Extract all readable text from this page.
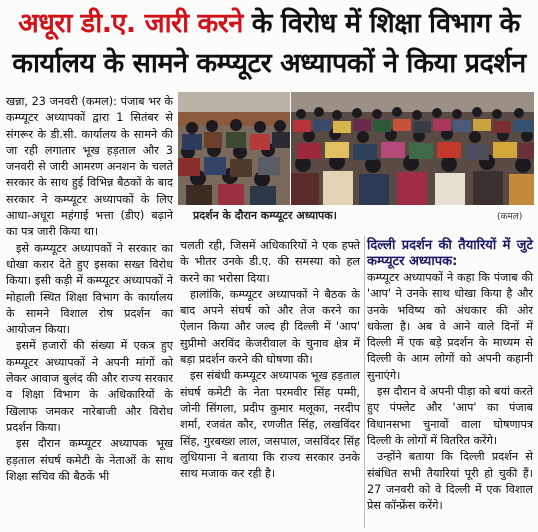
अधूरा डी.ए. जारी करने के विरोध में शिक्षा विभाग के
कार्यालय के सामने कम्प्यूटर अध्यापकों ने किया प्रदर्शन

खन्ना, 23 जनवरी (कमल): पंजाब भर के कम्प्यूटर अध्यापकों द्वारा 1 सितंबर से संगरूर के डी.सी. कार्यालय के सामने की जा रही लगातार भूख हड़ताल और 3 जनवरी से जारी आमरण अनशन के चलते सरकार के साथ हुई विभिन्न बैठकों के बाद सरकार ने कम्प्यूटर अध्यापकों के लिए आधा-अधूरा महंगाई भत्ता (डीए) बढ़ाने का पत्र जारी किया था।

इसे कम्प्यूटर अध्यापकों ने सरकार का धोखा करार देते हुए इसका सख्त विरोध किया। इसी कड़ी में कम्प्यूटर अध्यापकों ने मोहाली स्थित शिक्षा विभाग के कार्यालय के सामने विशाल रोष प्रदर्शन का आयोजन किया।

इसमें हजारों की संख्या में एकत्र हुए कम्प्यूटर अध्यापकों ने अपनी मांगों को लेकर आवाज बुलंद की और राज्य सरकार व शिक्षा विभाग के अधिकारियों के खिलाफ जमकर नारेबाजी और विरोध प्रदर्शन किया।

इस दौरान कम्प्यूटर अध्यापक भूख हड़ताल संघर्ष कमेटी के नेताओं के साथ शिक्षा सचिव की बैठकें भी

प्रदर्शन के दौरान कम्प्यूटर अध्यापक।	(कमल)

चलती रही, जिसमें अधिकारियों ने एक हफ्ते के भीतर उनके डी.ए. की समस्या को हल करने का भरोसा दिया।

हालांकि, कम्प्यूटर अध्यापकों ने बैठक के बाद अपने संघर्ष को और तेज करने का ऐलान किया और जल्द ही दिल्ली में 'आप' सुप्रीमो अरविंद केजरीवाल के चुनाव क्षेत्र में बड़ा प्रदर्शन करने की घोषणा की।

इस संबंधी कम्प्यूटर अध्यापक भूख हड़ताल संघर्ष कमेटी के नेता परमवीर सिंह पम्मी, जोनी सिंगला, प्रदीप कुमार मलूका, नरदीप शर्मा, रजवंत कौर, रणजीत सिंह, लखविंदर सिंह, गुरबख्श लाल, जसपाल, जसविंदर सिंह लुधियाना ने बताया कि राज्य सरकार उनके साथ मजाक कर रही है।

दिल्ली प्रदर्शन की तैयारियों में जुटे कम्प्यूटर अध्यापक:

कम्प्यूटर अध्यापकों ने कहा कि पंजाब की 'आप' ने उनके साथ धोखा किया है और उनके भविष्य को अंधकार की ओर धकेला है। अब वे आने वाले दिनों में दिल्ली में एक बड़े प्रदर्शन के माध्यम से दिल्ली के आम लोगों को अपनी कहानी सुनाएंगे।

इस दौरान वे अपनी पीड़ा को बयां करते हुए पंफ्लेट और 'आप' का पंजाब विधानसभा चुनावों वाला घोषणापत्र दिल्ली के लोगों में वितरित करेंगे।

उन्होंने बताया कि दिल्ली प्रदर्शन से संबंधित सभी तैयारियां पूरी हो चुकी हैं। 27 जनवरी को वे दिल्ली में एक विशाल प्रेस कॉन्फ्रेंस करेंगे।
